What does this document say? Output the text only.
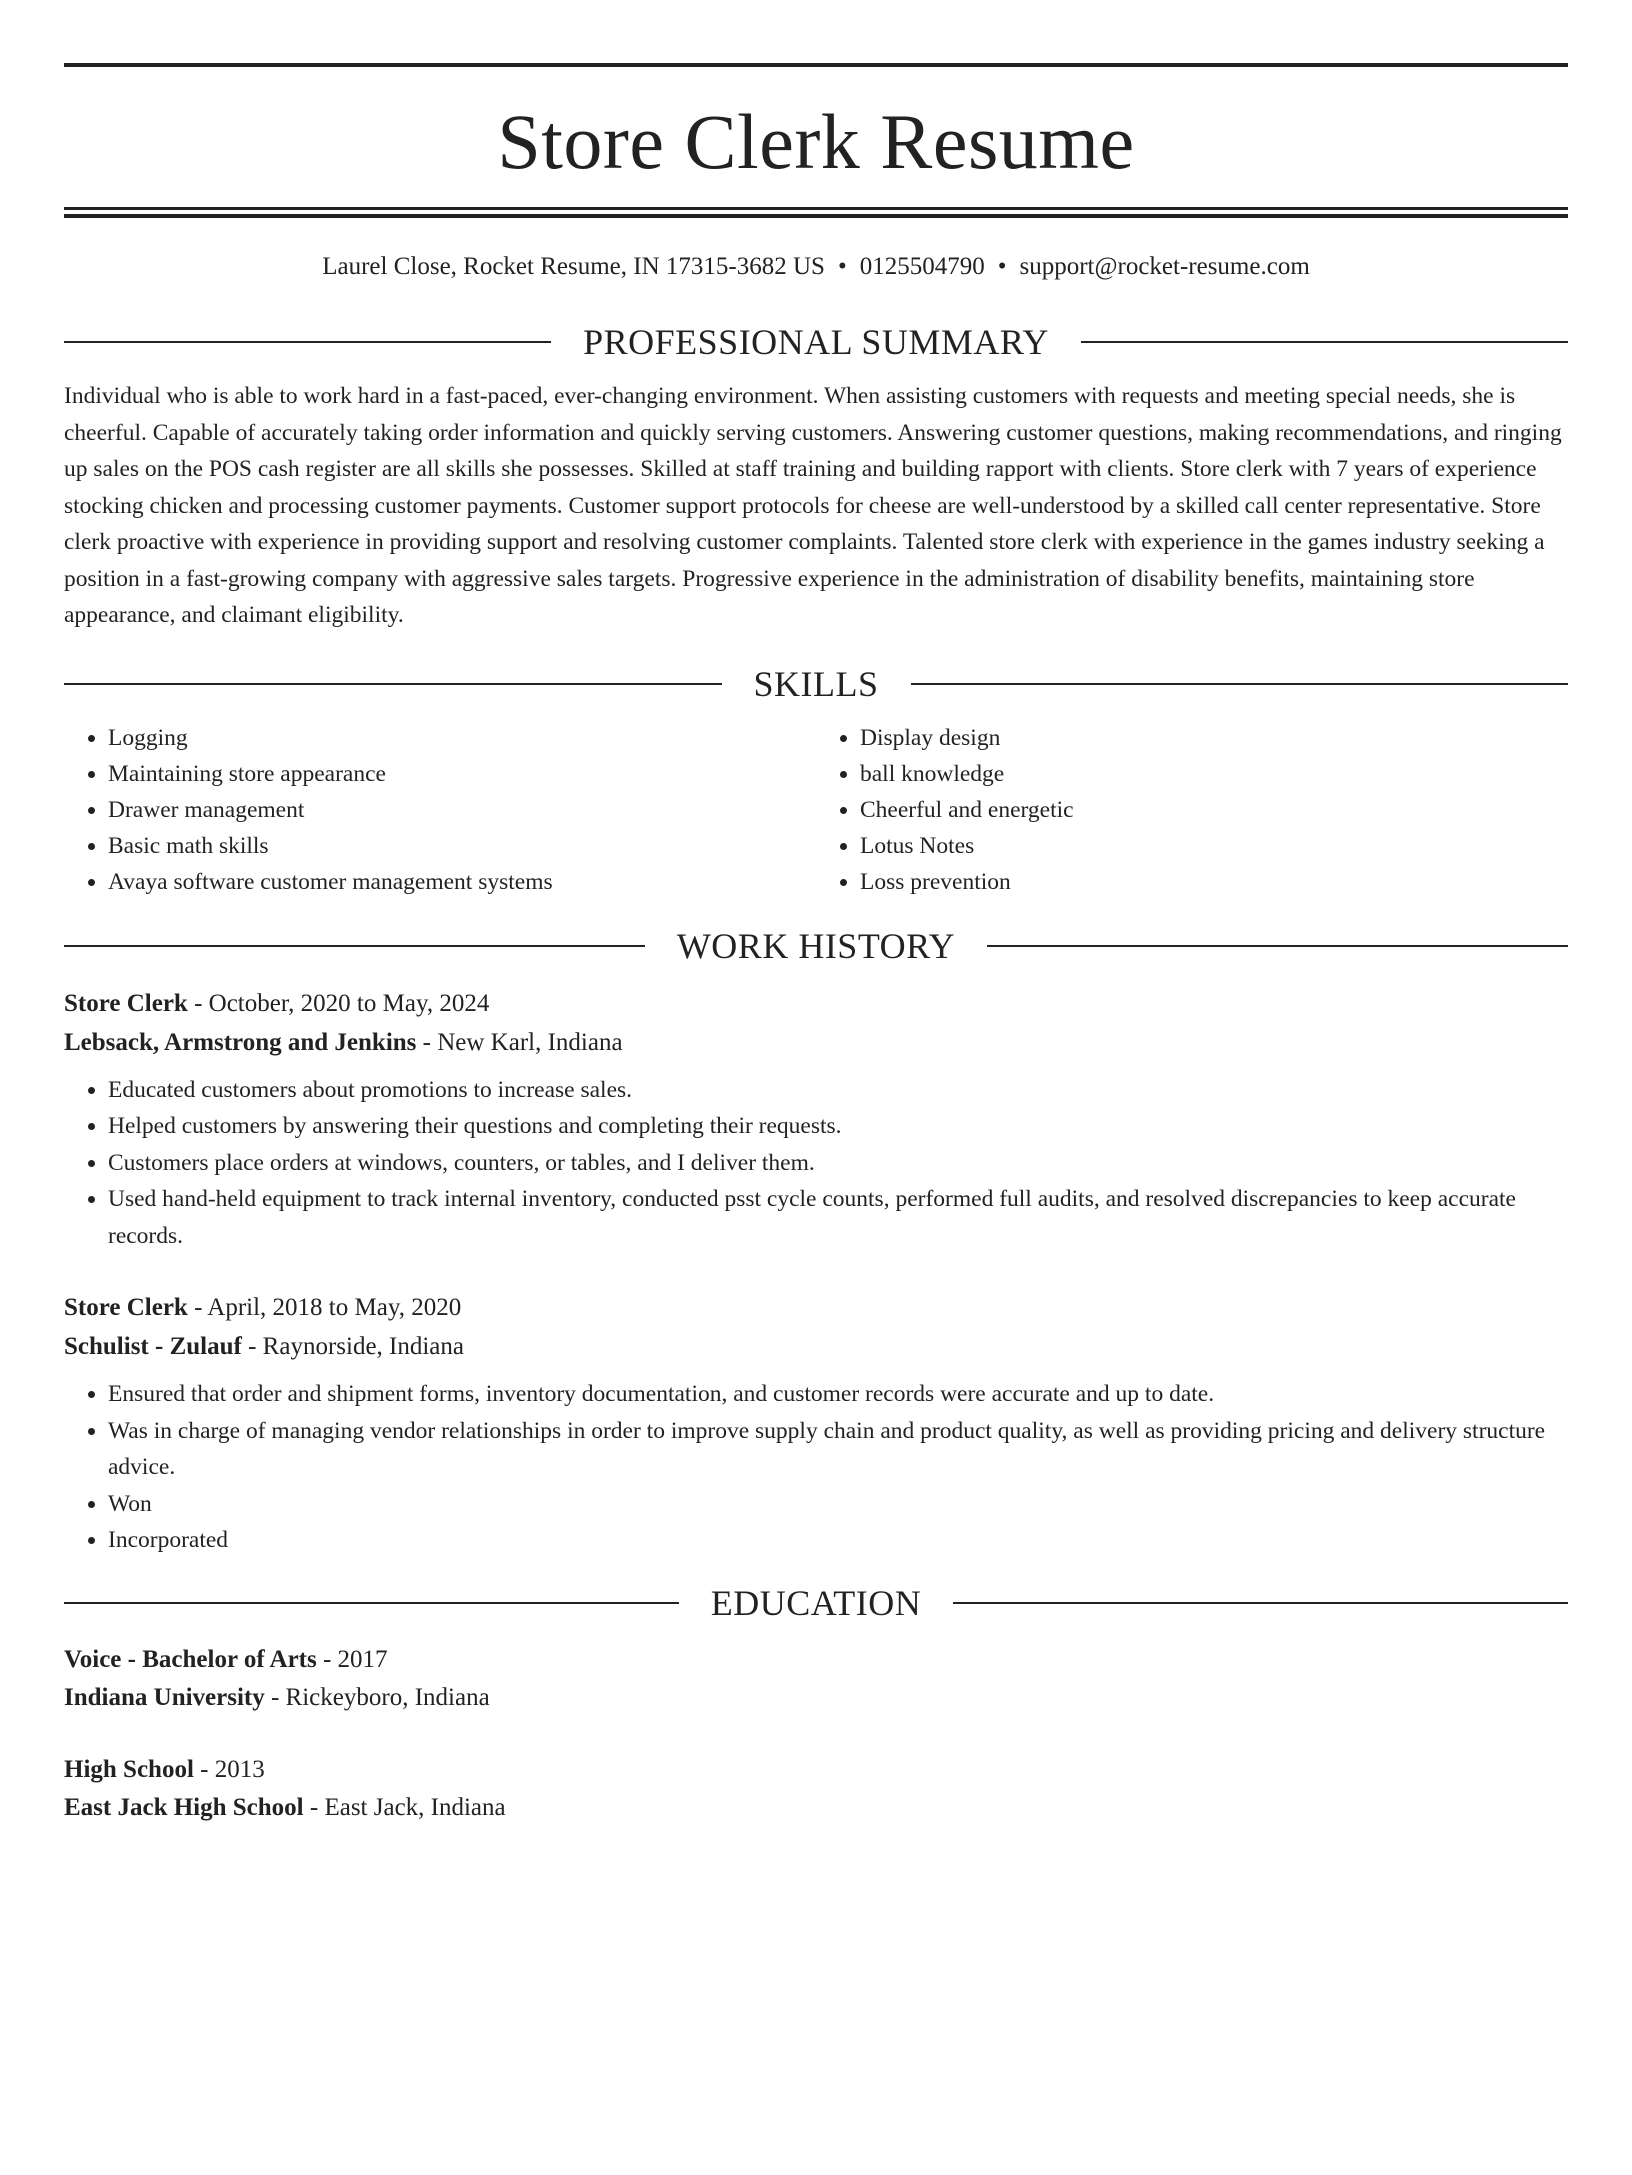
Store Clerk Resume
Laurel Close, Rocket Resume, IN 17315-3682 US • 0125504790 • support@rocket-resume.com
PROFESSIONAL SUMMARY
Individual who is able to work hard in a fast-paced, ever-changing environment. When assisting customers with requests and meeting special needs, she is cheerful. Capable of accurately taking order information and quickly serving customers. Answering customer questions, making recommendations, and ringing up sales on the POS cash register are all skills she possesses. Skilled at staff training and building rapport with clients. Store clerk with 7 years of experience stocking chicken and processing customer payments. Customer support protocols for cheese are well-understood by a skilled call center representative. Store clerk proactive with experience in providing support and resolving customer complaints. Talented store clerk with experience in the games industry seeking a position in a fast-growing company with aggressive sales targets. Progressive experience in the administration of disability benefits, maintaining store appearance, and claimant eligibility.
SKILLS
• Logging
• Maintaining store appearance
• Drawer management
• Basic math skills
• Avaya software customer management systems
• Display design
• ball knowledge
• Cheerful and energetic
• Lotus Notes
• Loss prevention
WORK HISTORY
Store Clerk - October, 2020 to May, 2024
Lebsack, Armstrong and Jenkins - New Karl, Indiana
• Educated customers about promotions to increase sales.
• Helped customers by answering their questions and completing their requests.
• Customers place orders at windows, counters, or tables, and I deliver them.
• Used hand-held equipment to track internal inventory, conducted psst cycle counts, performed full audits, and resolved discrepancies to keep accurate records.
Store Clerk - April, 2018 to May, 2020
Schulist - Zulauf - Raynorside, Indiana
• Ensured that order and shipment forms, inventory documentation, and customer records were accurate and up to date.
• Was in charge of managing vendor relationships in order to improve supply chain and product quality, as well as providing pricing and delivery structure advice.
• Won
• Incorporated
EDUCATION
Voice - Bachelor of Arts - 2017
Indiana University - Rickeyboro, Indiana
High School - 2013
East Jack High School - East Jack, Indiana
